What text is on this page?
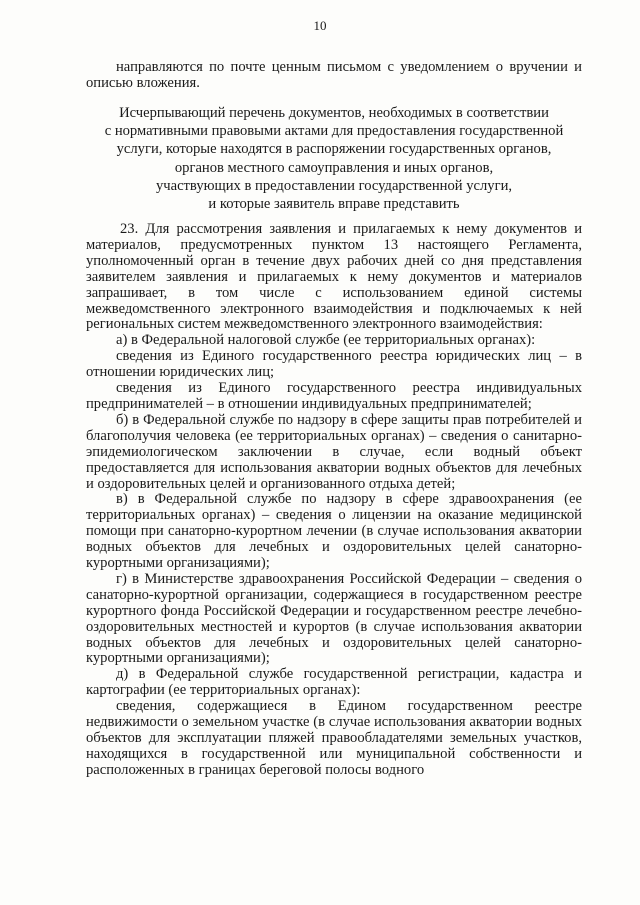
10

направляются по почте ценным письмом с уведомлением о вручении и описью вложения.

Исчерпывающий перечень документов, необходимых в соответствии
с нормативными правовыми актами для предоставления государственной
услуги, которые находятся в распоряжении государственных органов,
органов местного самоуправления и иных органов,
участвующих в предоставлении государственной услуги,
и которые заявитель вправе представить

23. Для рассмотрения заявления и прилагаемых к нему документов и материалов, предусмотренных пунктом 13 настоящего Регламента, уполномоченный орган в течение двух рабочих дней со дня представления заявителем заявления и прилагаемых к нему документов и материалов запрашивает, в том числе с использованием единой системы межведомственного электронного взаимодействия и подключаемых к ней региональных систем межведомственного электронного взаимодействия:

а) в Федеральной налоговой службе (ее территориальных органах):

сведения из Единого государственного реестра юридических лиц – в отношении юридических лиц;

сведения из Единого государственного реестра индивидуальных предпринимателей – в отношении индивидуальных предпринимателей;

б) в Федеральной службе по надзору в сфере защиты прав потребителей и благополучия человека (ее территориальных органах) – сведения о санитарно-эпидемиологическом заключении в случае, если водный объект предоставляется для использования акватории водных объектов для лечебных и оздоровительных целей и организованного отдыха детей;

в) в Федеральной службе по надзору в сфере здравоохранения (ее территориальных органах) – сведения о лицензии на оказание медицинской помощи при санаторно-курортном лечении (в случае использования акватории водных объектов для лечебных и оздоровительных целей санаторно-курортными организациями);

г) в Министерстве здравоохранения Российской Федерации – сведения о санаторно-курортной организации, содержащиеся в государственном реестре курортного фонда Российской Федерации и государственном реестре лечебно-оздоровительных местностей и курортов (в случае использования акватории водных объектов для лечебных и оздоровительных целей санаторно-курортными организациями);

д) в Федеральной службе государственной регистрации, кадастра и картографии (ее территориальных органах):

сведения, содержащиеся в Едином государственном реестре недвижимости о земельном участке (в случае использования акватории водных объектов для эксплуатации пляжей правообладателями земельных участков, находящихся в государственной или муниципальной собственности и расположенных в границах береговой полосы водного
